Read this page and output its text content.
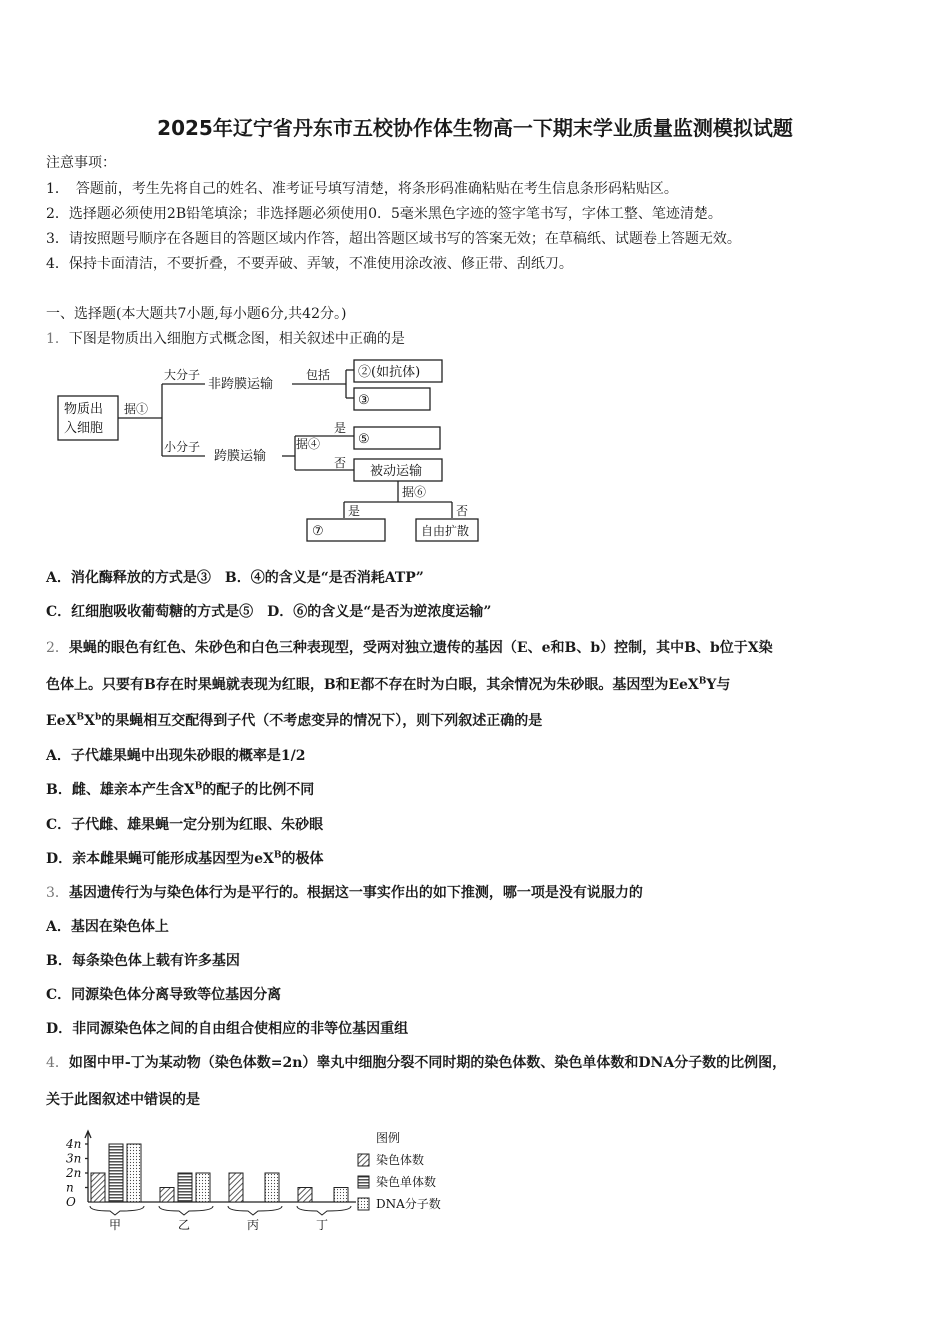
2025年辽宁省丹东市五校协作体生物高一下期末学业质量监测模拟试题
注意事项：
1．　答题前，考生先将自己的姓名、准考证号填写清楚，将条形码准确粘贴在考生信息条形码粘贴区。
2．选择题必须使用2B铅笔填涂；非选择题必须使用0．5毫米黑色字迹的签字笔书写，字体工整、笔迹清楚。
3．请按照题号顺序在各题目的答题区域内作答，超出答题区域书写的答案无效；在草稿纸、试题卷上答题无效。
4．保持卡面清洁，不要折叠，不要弄破、弄皱，不准使用涂改液、修正带、刮纸刀。
一、选择题(本大题共7小题,每小题6分,共42分。)
1．下图是物质出入细胞方式概念图，相关叙述中正确的是
物质出
入细胞
据①
大分子
非跨膜运输
包括 ②(如抗体)
③
小分子
跨膜运输
据④
是
否
⑤
被动运输
据⑥
是	否
⑦	自由扩散
A．消化酶释放的方式是③　B．④的含义是“是否消耗ATP”
C．红细胞吸收葡萄糖的方式是⑤　D．⑥的含义是“是否为逆浓度运输”
2．果蝇的眼色有红色、朱砂色和白色三种表现型，受两对独立遗传的基因（E、e和B、b）控制，其中B、b位于X染
色体上。只要有B存在时果蝇就表现为红眼，B和E都不存在时为白眼，其余情况为朱砂眼。基因型为EeX$^B$Y与
$EeX^BX^b$的果蝇相互交配得到子代（不考虑变异的情况下），则下列叙述正确的是
A．子代雄果蝇中出现朱砂眼的概率是1/2
B．雌、雄亲本产生含$X^B$的配子的比例不同
C．子代雌、雄果蝇一定分别为红眼、朱砂眼
D．亲本雌果蝇可能形成基因型为$eX^B$的极体
3．基因遗传行为与染色体行为是平行的。根据这一事实作出的如下推测，哪一项是没有说服力的
A．基因在染色体上
B．每条染色体上载有许多基因
C．同源染色体分离导致等位基因分离
D．非同源染色体之间的自由组合使相应的非等位基因重组
4．如图中甲-丁为某动物（染色体数=2n）睾丸中细胞分裂不同时期的染色体数、染色单体数和DNA分子数的比例图，
关于此图叙述中错误的是
O
n
2n
3n
4n
甲	乙	丙	丁
图例
染色体数
染色单体数
DNA分子数
